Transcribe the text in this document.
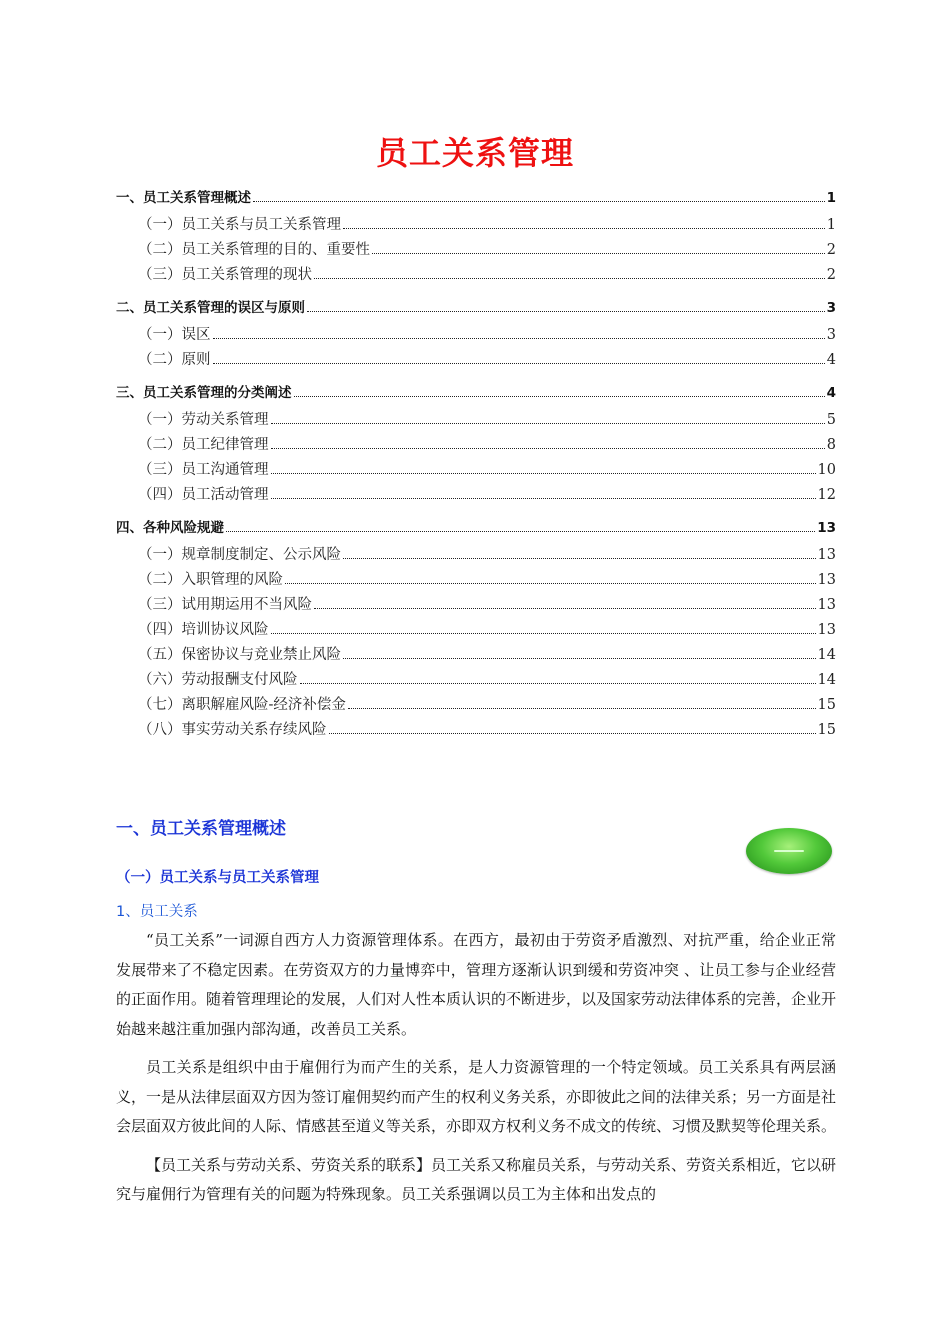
员工关系管理
一、员工关系管理概述	1
（一）员工关系与员工关系管理	1
（二）员工关系管理的目的、重要性	2
（三）员工关系管理的现状	2
二、员工关系管理的误区与原则	3
（一）误区	3
（二）原则	4
三、员工关系管理的分类阐述	4
（一）劳动关系管理	5
（二）员工纪律管理	8
（三）员工沟通管理	10
（四）员工活动管理	12
四、各种风险规避	13
（一）规章制度制定、公示风险	13
（二）入职管理的风险	13
（三）试用期运用不当风险	13
（四）培训协议风险	13
（五）保密协议与竞业禁止风险	14
（六）劳动报酬支付风险	14
（七）离职解雇风险-经济补偿金	15
（八）事实劳动关系存续风险	15
一、员工关系管理概述
（一）员工关系与员工关系管理
1、员工关系

“员工关系”一词源自西方人力资源管理体系。在西方，最初由于劳资矛盾激烈、对抗严重，给企业正常发展带来了不稳定因素。在劳资双方的力量博弈中，管理方逐渐认识到缓和劳资冲突 、让员工参与企业经营的正面作用。随着管理理论的发展，人们对人性本质认识的不断进步，以及国家劳动法律体系的完善，企业开始越来越注重加强内部沟通，改善员工关系。

员工关系是组织中由于雇佣行为而产生的关系，是人力资源管理的一个特定领域。员工关系具有两层涵义，一是从法律层面双方因为签订雇佣契约而产生的权利义务关系，亦即彼此之间的法律关系；另一方面是社会层面双方彼此间的人际、情感甚至道义等关系，亦即双方权利义务不成文的传统、习惯及默契等伦理关系。

【员工关系与劳动关系、劳资关系的联系】员工关系又称雇员关系，与劳动关系、劳资关系相近，它以研究与雇佣行为管理有关的问题为特殊现象。员工关系强调以员工为主体和出发点的
